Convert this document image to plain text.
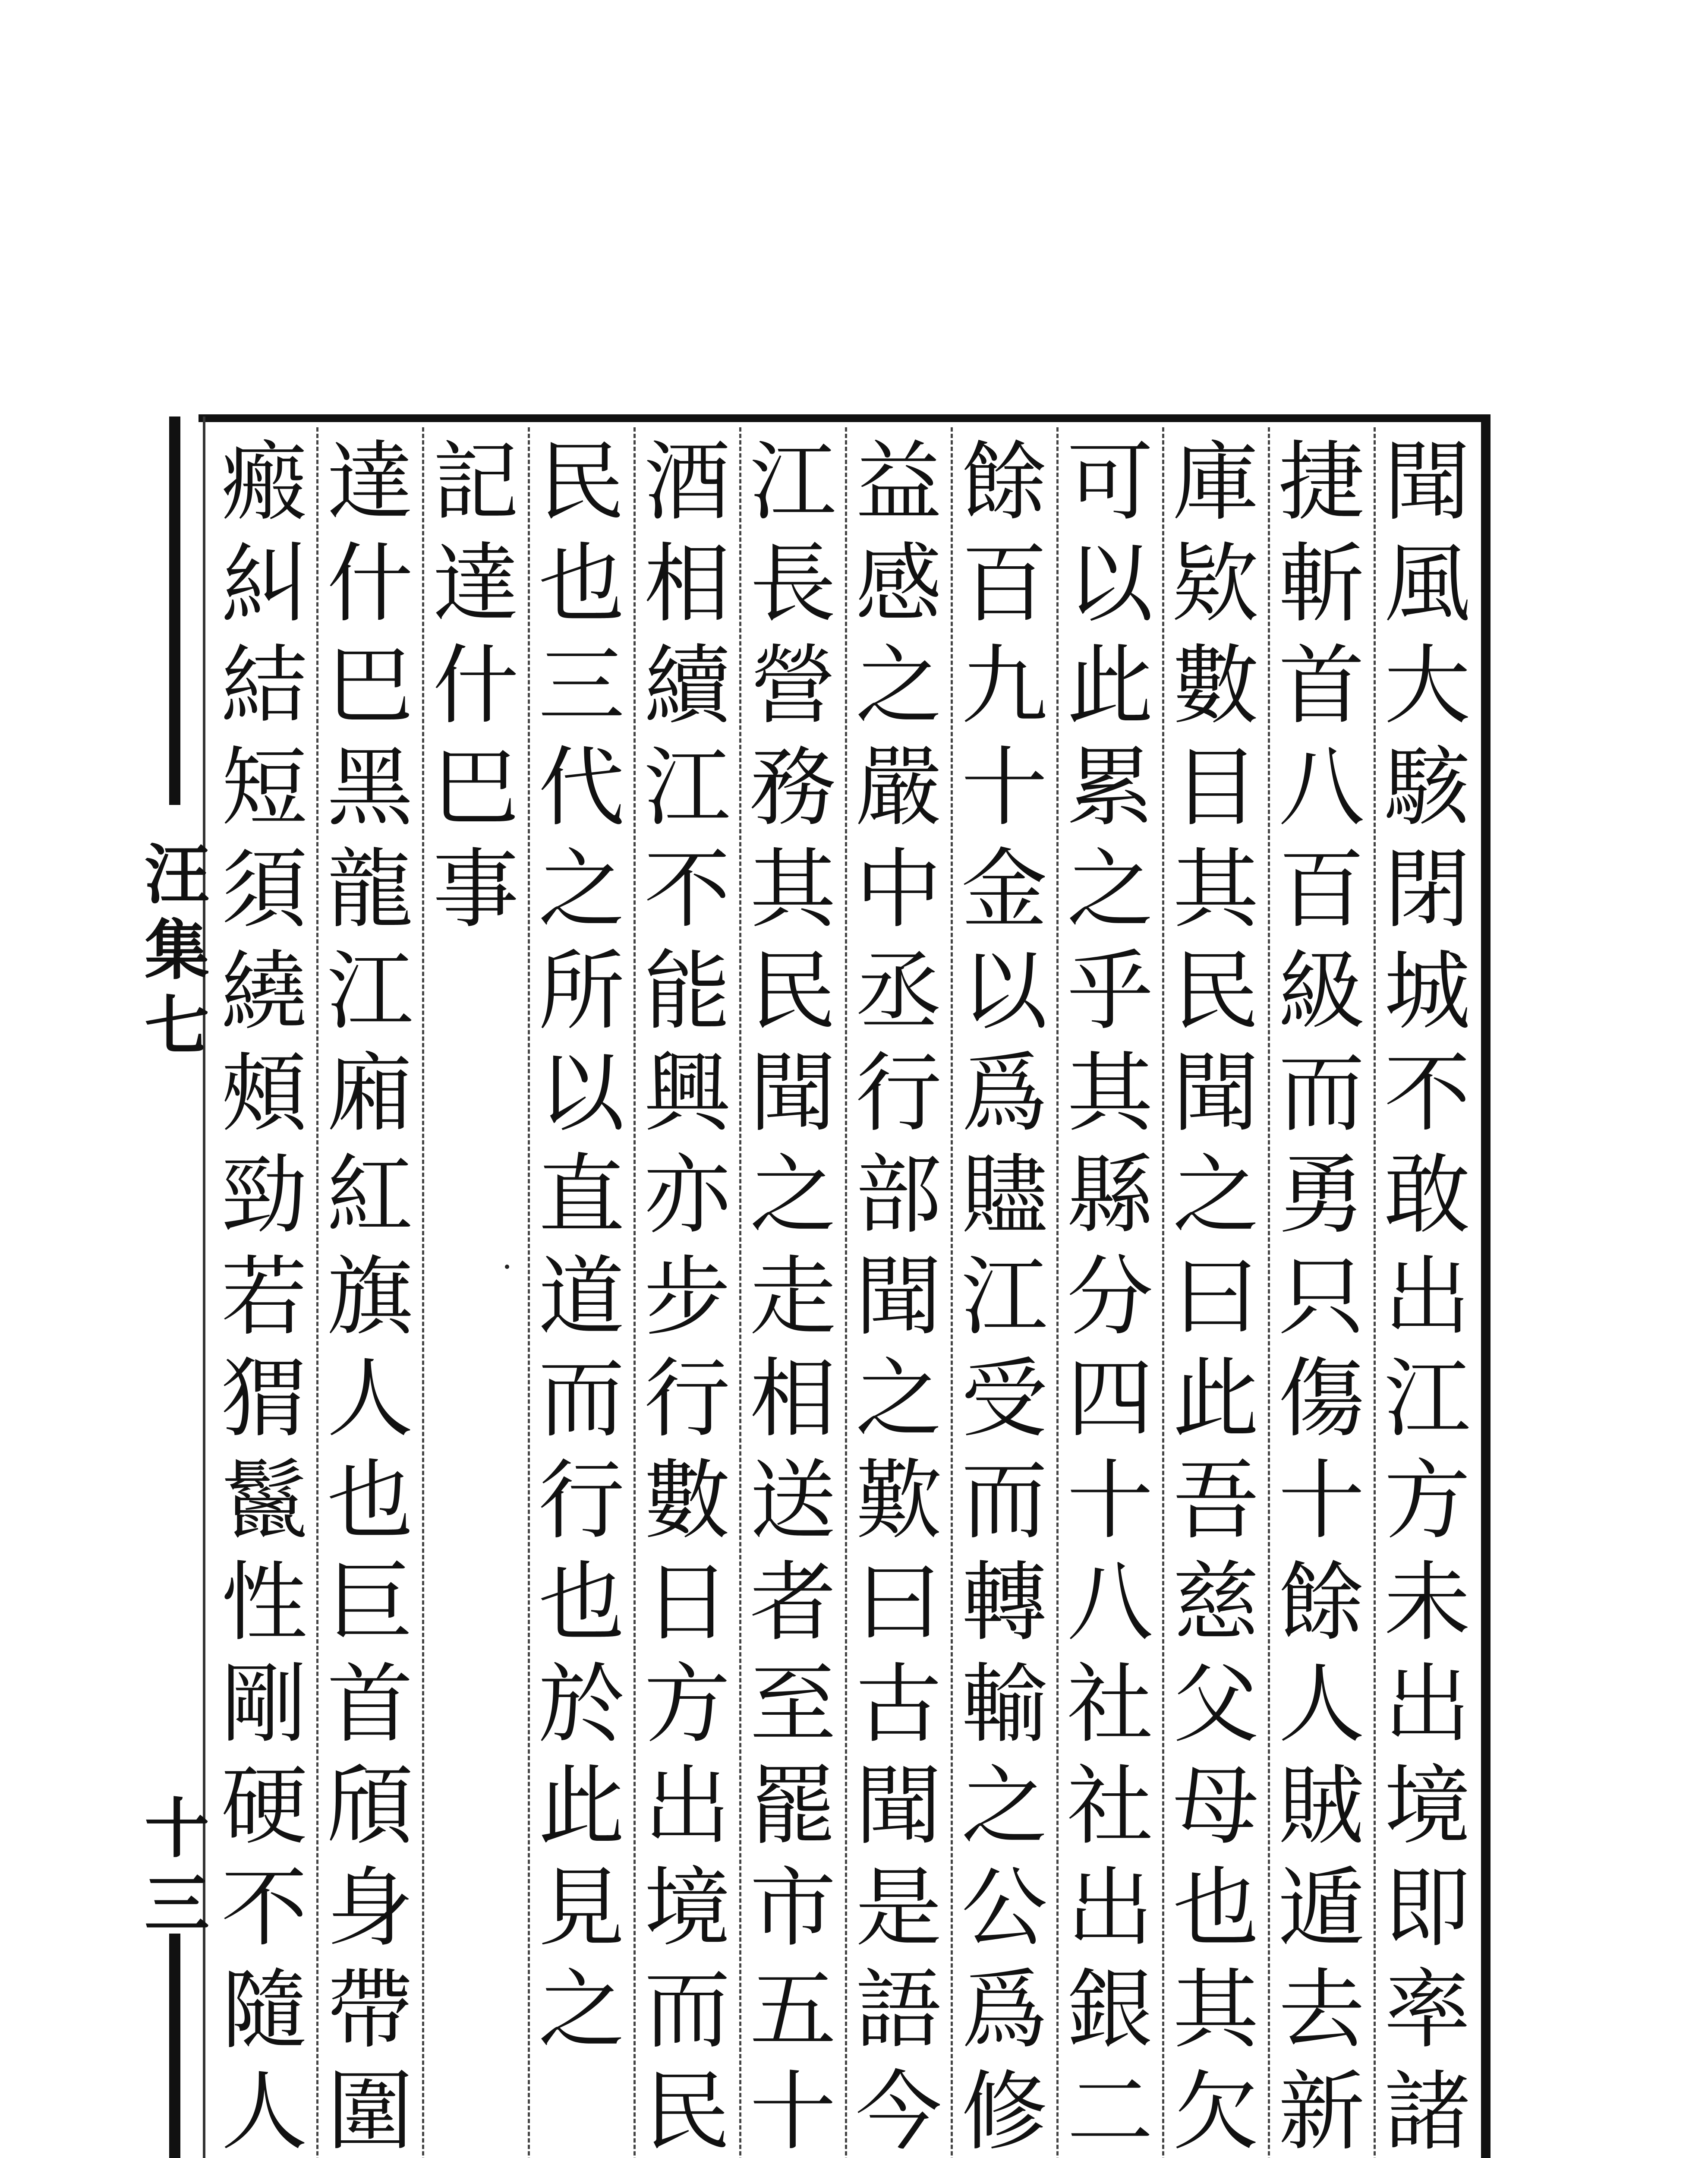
汪
集
七
十
三
聞
風
大
駭
閉
城
不
敢
出
江
方
未
出
境
即
率
諸
捷
斬
首
八
百
級
而
勇
只
傷
十
餘
人
賊
遁
去
新
庫
欵
數
目
其
民
聞
之
曰
此
吾
慈
父
母
也
其
欠
可
以
此
累
之
乎
其
縣
分
四
十
八
社
社
出
銀
二
餘
百
九
十
金
以
爲
贐
江
受
而
轉
輸
之
公
爲
修
益
感
之
嚴
中
丞
行
部
聞
之
歎
曰
古
聞
是
語
今
江
長
營
務
其
民
聞
之
走
相
送
者
至
罷
市
五
十
酒
相
續
江
不
能
興
亦
步
行
數
日
方
出
境
而
民
民
也
三
代
之
所
以
直
道
而
行
也
於
此
見
之
記
達
什
巴
事
達
什
巴
黑
龍
江
廂
紅
旗
人
也
巨
首
頎
身
帶
圍
瘢
糾
結
短
須
繞
頰
勁
若
猬
鬣
性
剛
硬
不
隨
人
